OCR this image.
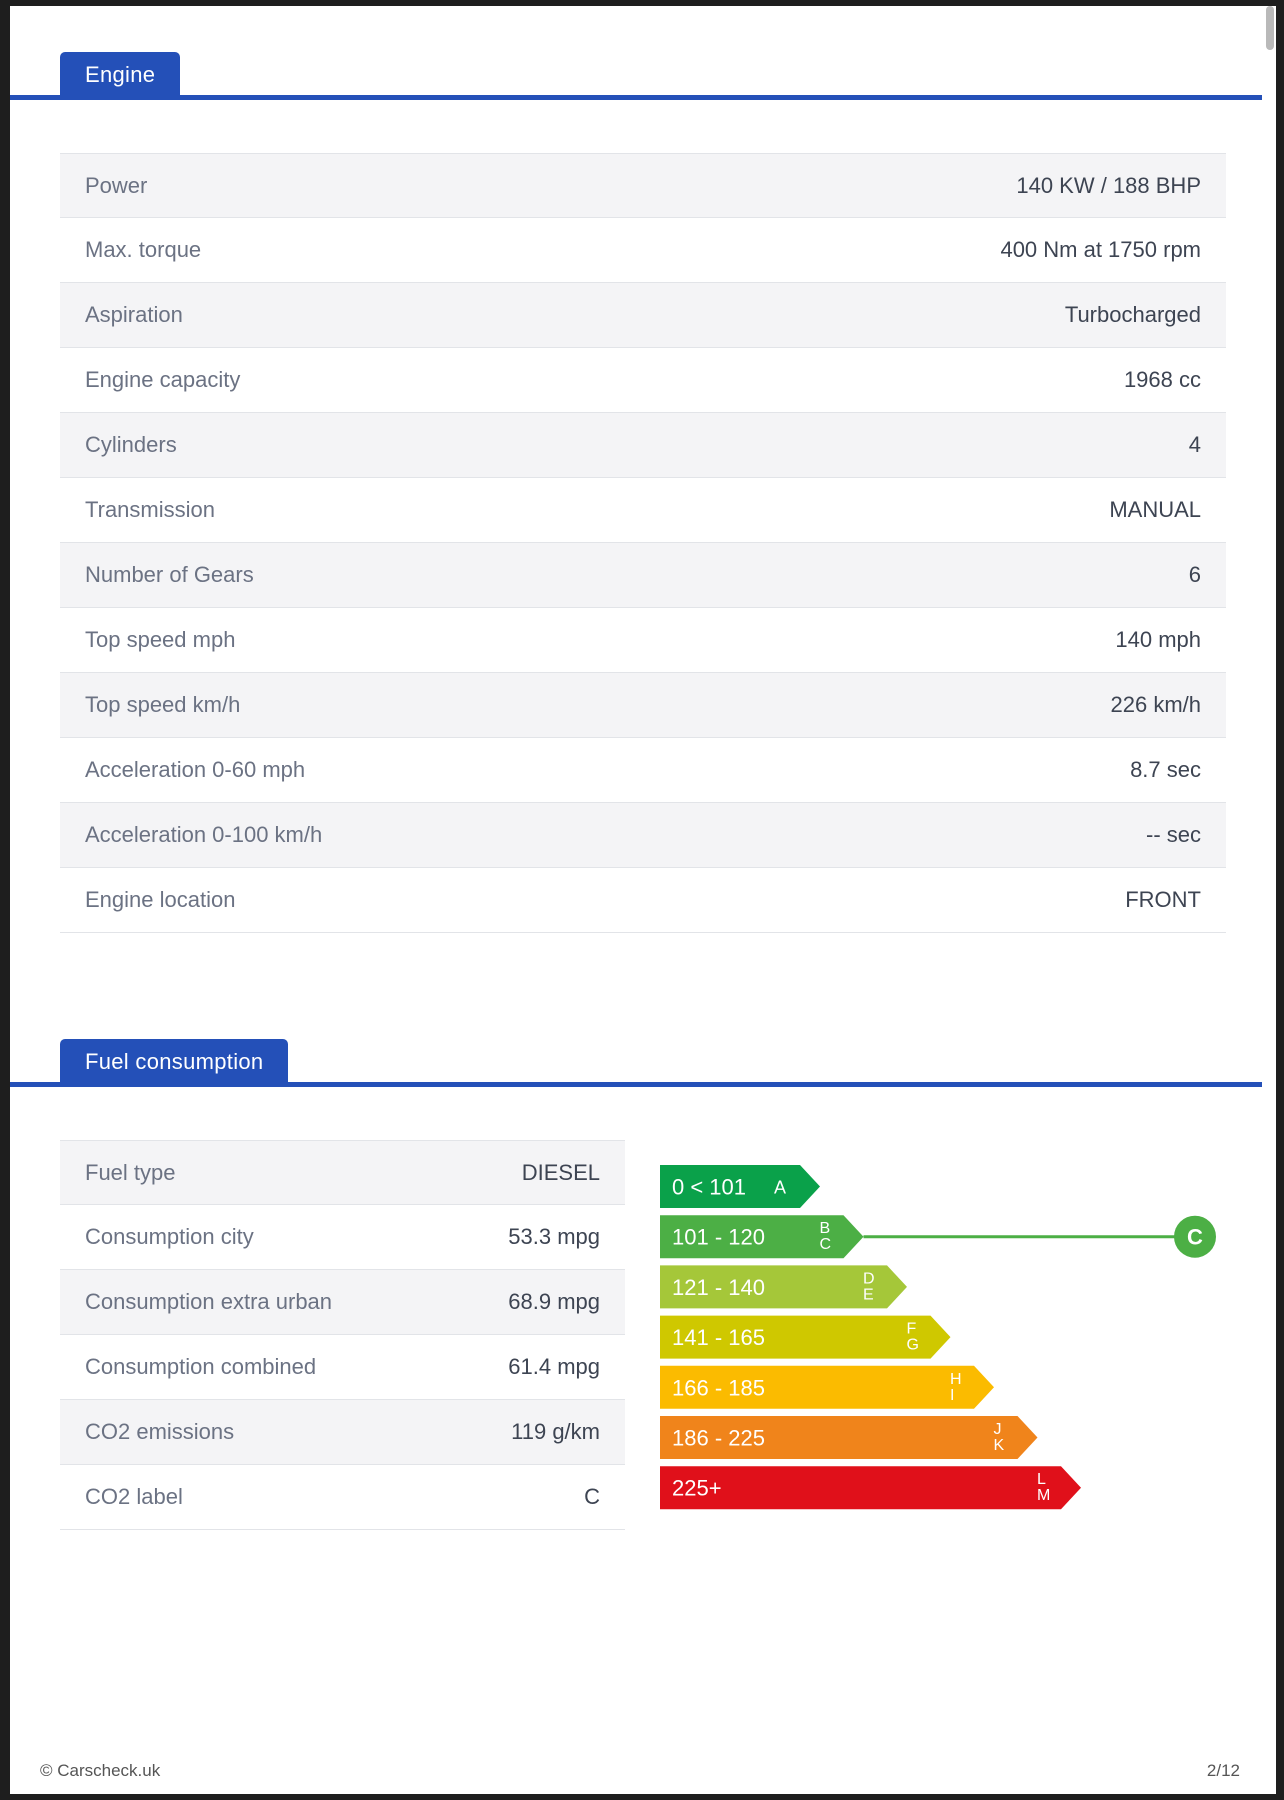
Engine
Power	140 KW / 188 BHP
Max. torque	400 Nm at 1750 rpm
Aspiration	Turbocharged
Engine capacity	1968 cc
Cylinders	4
Transmission	MANUAL
Number of Gears	6
Top speed mph	140 mph
Top speed km/h	226 km/h
Acceleration 0-60 mph	8.7 sec
Acceleration 0-100 km/h	-- sec
Engine location	FRONT
Fuel consumption
Fuel type	DIESEL
Consumption city	53.3 mpg
Consumption extra urban	68.9 mpg
Consumption combined	61.4 mpg
CO2 emissions	119 g/km
CO2 label	C
0 < 101 A
101 - 120	B
C
121 - 140	D
E
141 - 165	F
G
166 - 185	H
I
186 - 225	J
K
225+	L
M
C
© Carscheck.uk	2/12
